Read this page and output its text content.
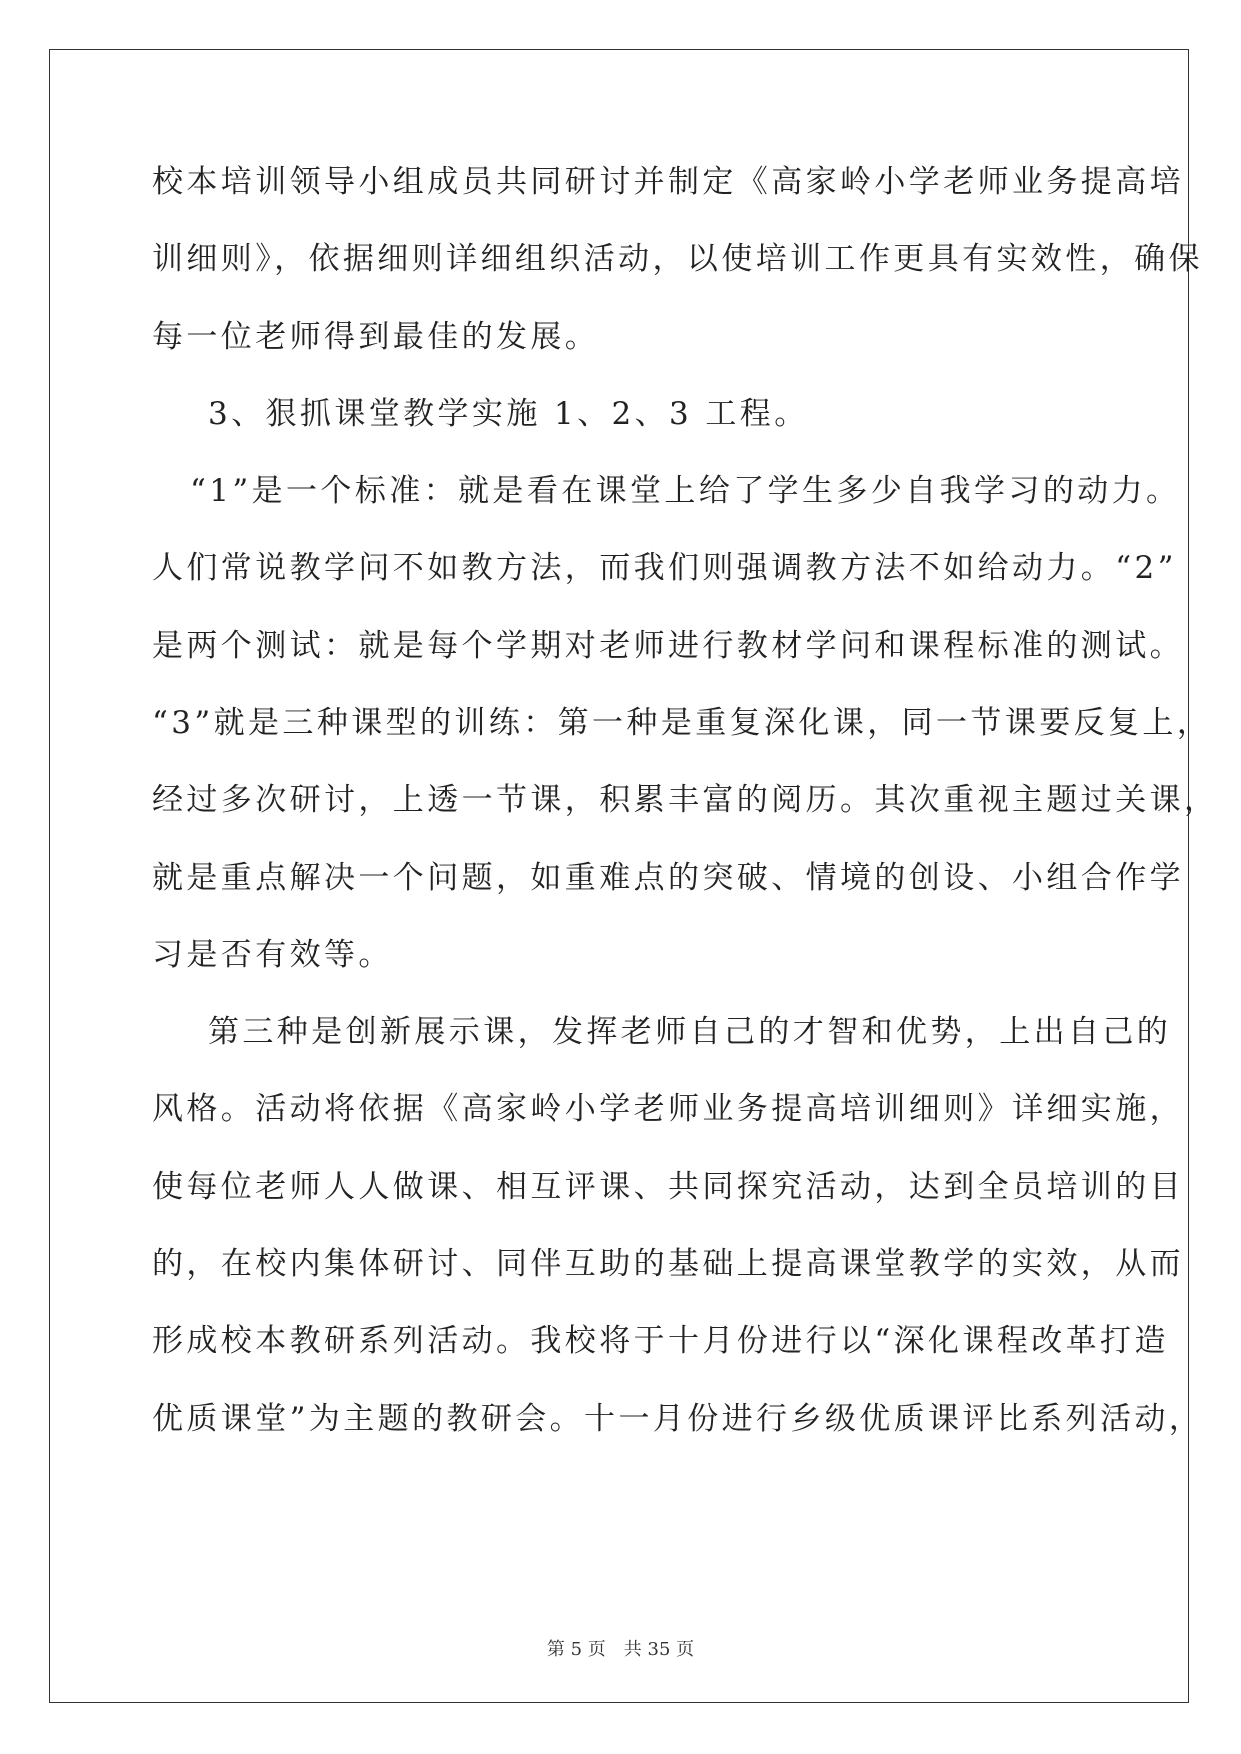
校本培训领导小组成员共同研讨并制定《高家岭小学老师业务提高培
训细则》，依据细则详细组织活动，以使培训工作更具有实效性，确保
每一位老师得到最佳的发展。
3、狠抓课堂教学实施 1、2、3 工程。
“1”是一个标准：就是看在课堂上给了学生多少自我学习的动力。
人们常说教学问不如教方法，而我们则强调教方法不如给动力。“2”
是两个测试：就是每个学期对老师进行教材学问和课程标准的测试。
“3”就是三种课型的训练：第一种是重复深化课，同一节课要反复上，
经过多次研讨，上透一节课，积累丰富的阅历。其次重视主题过关课，
就是重点解决一个问题，如重难点的突破、情境的创设、小组合作学
习是否有效等。
第三种是创新展示课，发挥老师自己的才智和优势，上出自己的
风格。活动将依据《高家岭小学老师业务提高培训细则》详细实施，
使每位老师人人做课、相互评课、共同探究活动，达到全员培训的目
的，在校内集体研讨、同伴互助的基础上提高课堂教学的实效，从而
形成校本教研系列活动。我校将于十月份进行以“深化课程改革打造
优质课堂”为主题的教研会。十一月份进行乡级优质课评比系列活动，
第 5 页 共 35 页
